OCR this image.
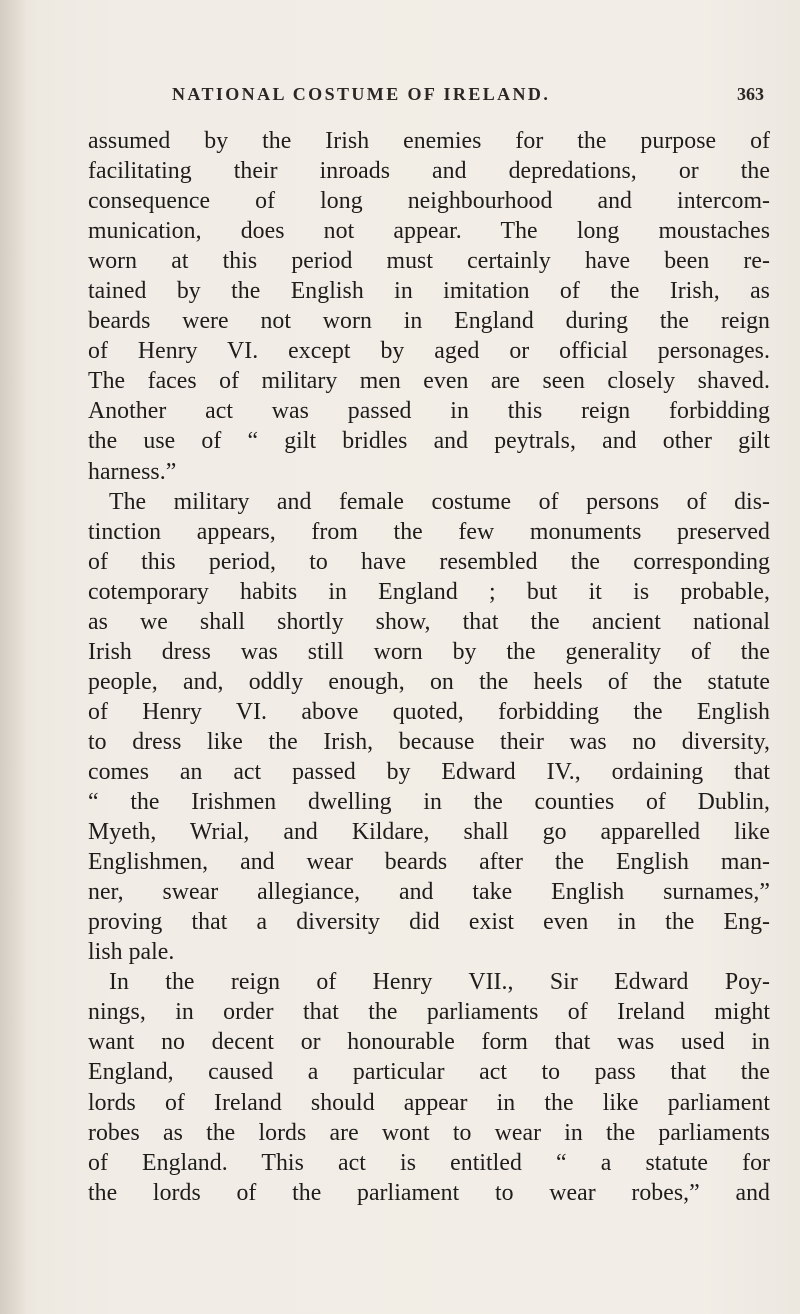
NATIONAL COSTUME OF IRELAND.	363
assumed by the Irish enemies for the purpose of
facilitating their inroads and depredations, or the
consequence of long neighbourhood and intercom-
munication, does not appear. The long moustaches
worn at this period must certainly have been re-
tained by the English in imitation of the Irish, as
beards were not worn in England during the reign
of Henry VI. except by aged or official personages.
The faces of military men even are seen closely shaved.
Another act was passed in this reign forbidding
the use of “ gilt bridles and peytrals, and other gilt
harness.”
The military and female costume of persons of dis-
tinction appears, from the few monuments preserved
of this period, to have resembled the corresponding
cotemporary habits in England ; but it is probable,
as we shall shortly show, that the ancient national
Irish dress was still worn by the generality of the
people, and, oddly enough, on the heels of the statute
of Henry VI. above quoted, forbidding the English
to dress like the Irish, because their was no diversity,
comes an act passed by Edward IV., ordaining that
“ the Irishmen dwelling in the counties of Dublin,
Myeth, Wrial, and Kildare, shall go apparelled like
Englishmen, and wear beards after the English man-
ner, swear allegiance, and take English surnames,”
proving that a diversity did exist even in the Eng-
lish pale.
In the reign of Henry VII., Sir Edward Poy-
nings, in order that the parliaments of Ireland might
want no decent or honourable form that was used in
England, caused a particular act to pass that the
lords of Ireland should appear in the like parliament
robes as the lords are wont to wear in the parliaments
of England. This act is entitled “ a statute for
the lords of the parliament to wear robes,” and
